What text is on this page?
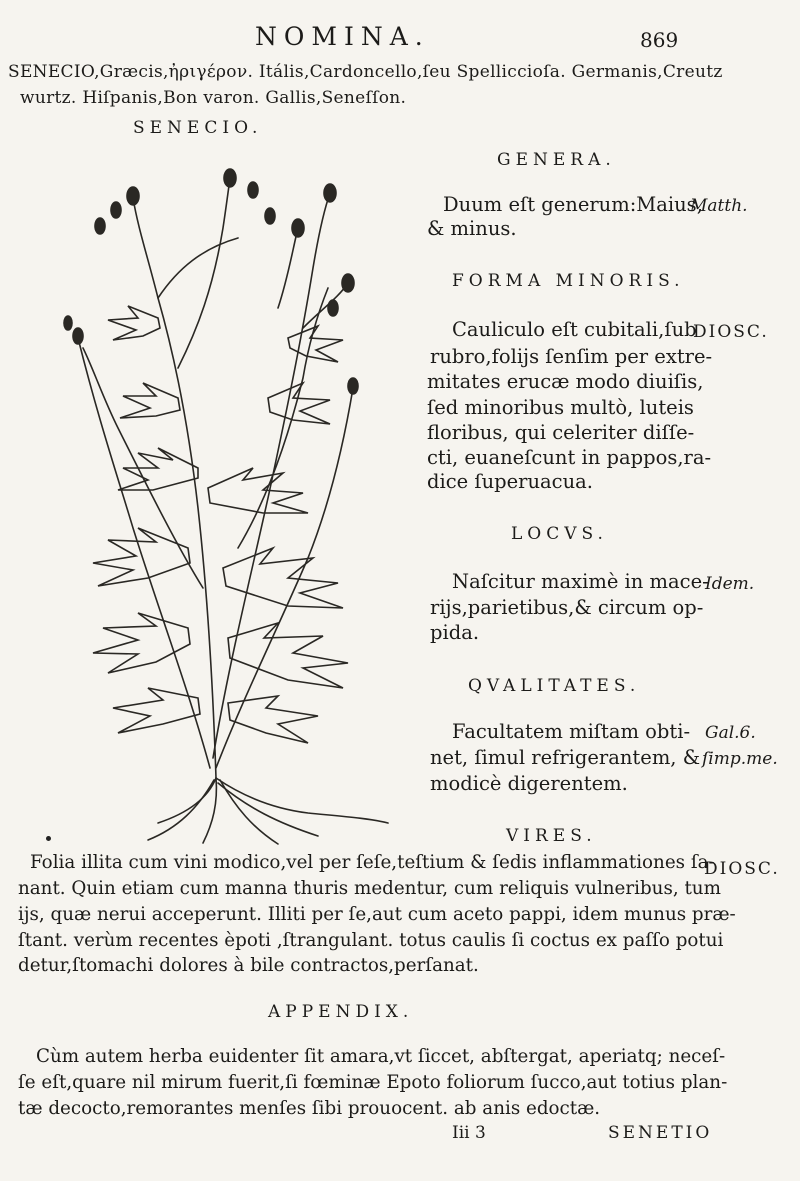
NOMINA.	869
SENECIO,Græcis,ἠριγέρον. Itális,Cardoncello,ſeu Spelliccioſa. Germanis,Creutz
wurtz. Hiſpanis,Bon varon. Gallis,Seneſſon.
SENECIO.
GENERA.
Duum eſt generum:Maius,
Matth.
& minus.
FORMA MINORIS.
Cauliculo eſt cubitali,ſub
DIOSC.
rubro,folijs ſenſim per extre-
mitates erucæ modo diuiſis,
ſed minoribus multò, luteis
floribus, qui celeriter diſſe-
cti, euaneſcunt in pappos,ra-
dice ſuperuacua.
LOCVS.
Naſcitur maximè in mace-
Idem.
rijs,parietibus,& circum op-
pida.
QVALITATES.
Facultatem miſtam obti- Gal.6.
net, ſimul refrigerantem, & ſimp.me.
modicè digerentem.
VIRES.
Folia illita cum vini modico,vel per ſeſe,teſtium & ſedis inflammationes ſa-
DIOSC.
nant. Quin etiam cum manna thuris medentur, cum reliquis vulneribus, tum
ijs, quæ nerui acceperunt. Illiti per ſe,aut cum aceto pappi, idem munus præ-
ſtant. verùm recentes èpoti ,ſtrangulant. totus caulis ſi coctus ex paſſo potui
detur,ſtomachi dolores à bile contractos,perſanat.
APPENDIX.
Cùm autem herba euidenter ſit amara,vt ſiccet, abſtergat, aperiatq; neceſ-
ſe eſt,quare nil mirum fuerit,ſi fœminæ Epoto foliorum ſucco,aut totius plan-
tæ decocto,remorantes menſes ſibi prouocent. ab anis edoctæ.
Iii 3	SENETIO
